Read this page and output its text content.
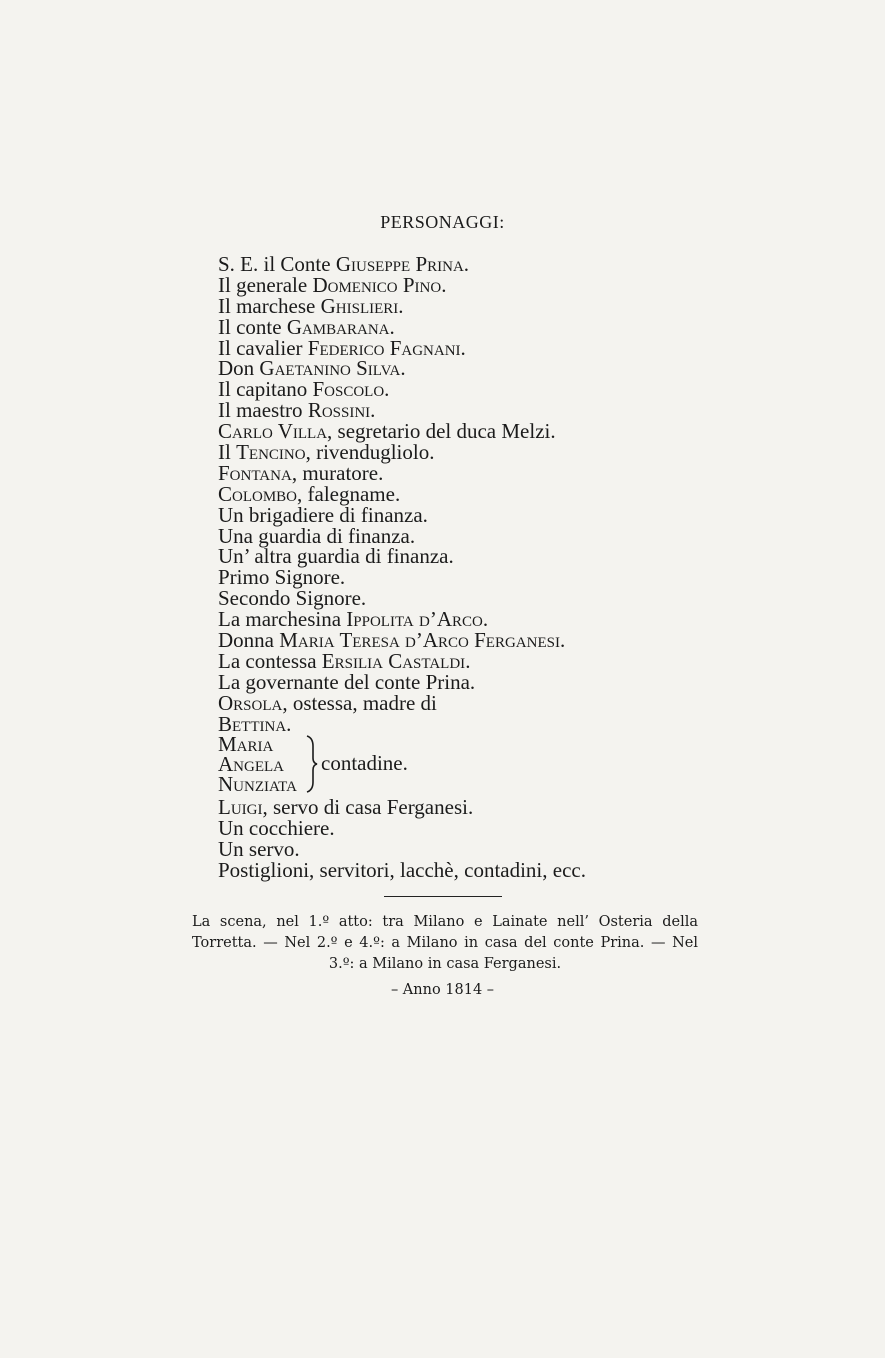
PERSONAGGI:
S. E. il Conte Giuseppe Prina.
Il generale Domenico Pino.
Il marchese Ghislieri.
Il conte Gambarana.
Il cavalier Federico Fagnani.
Don Gaetanino Silva.
Il capitano Foscolo.
Il maestro Rossini.
Carlo Villa, segretario del duca Melzi.
Il Tencino, rivendugliolo.
Fontana, muratore.
Colombo, falegname.
Un brigadiere di finanza.
Una guardia di finanza.
Un’ altra guardia di finanza.
Primo Signore.
Secondo Signore.
La marchesina Ippolita d’Arco.
Donna Maria Teresa d’Arco Ferganesi.
La contessa Ersilia Castaldi.
La governante del conte Prina.
Orsola, ostessa, madre di
Bettina.
Maria
Angela
Nunziata
contadine.
Luigi, servo di casa Ferganesi.
Un cocchiere.
Un servo.
Postiglioni, servitori, lacchè, contadini, ecc.
La scena, nel 1.º atto: tra Milano e Lainate nell’ Osteria della Torretta. — Nel 2.º e 4.º: a Milano in casa del conte Prina. — Nel 3.º: a Milano in casa Ferganesi.
– Anno 1814 –
